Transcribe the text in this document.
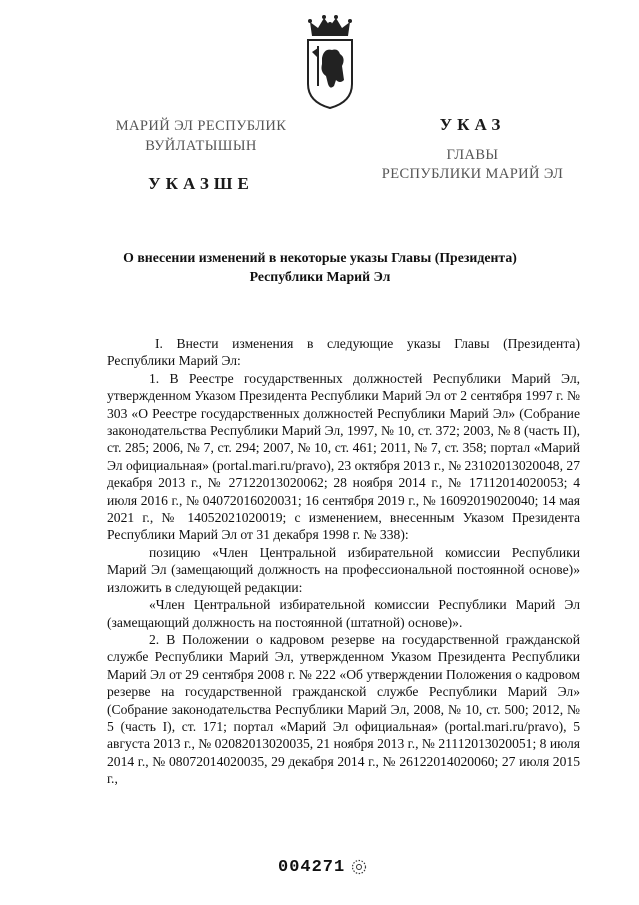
МАРИЙ ЭЛ РЕСПУБЛИК
ВУЙЛАТЫШЫН
УКАЗШЕ
УКАЗ
ГЛАВЫ
РЕСПУБЛИКИ МАРИЙ ЭЛ
О внесении изменений в некоторые указы Главы (Президента)
Республики Марий Эл

I. Внести изменения в следующие указы Главы (Президента) Республики Марий Эл:

1. В Реестре государственных должностей Республики Марий Эл, утвержденном Указом Президента Республики Марий Эл от 2 сентября 1997 г. № 303 «О Реестре государственных должностей Республики Марий Эл» (Собрание законодательства Республики Марий Эл, 1997, № 10, ст. 372; 2003, № 8 (часть II), ст. 285; 2006, № 7, ст. 294; 2007, № 10, ст. 461; 2011, № 7, ст. 358; портал «Марий Эл официальная» (portal.mari.ru/pravo), 23 октября 2013 г., № 23102013020048, 27 декабря 2013 г., № 27122013020062; 28 ноября 2014 г., № 17112014020053; 4 июля 2016 г., № 04072016020031; 16 сентября 2019 г., № 16092019020040; 14 мая 2021 г., № 14052021020019; с изменением, внесенным Указом Президента Республики Марий Эл от 31 декабря 1998 г. № 338):

позицию «Член Центральной избирательной комиссии Республики Марий Эл (замещающий должность на профессиональной постоянной основе)» изложить в следующей редакции:

«Член Центральной избирательной комиссии Республики Марий Эл (замещающий должность на постоянной (штатной) основе)».

2. В Положении о кадровом резерве на государственной гражданской службе Республики Марий Эл, утвержденном Указом Президента Республики Марий Эл от 29 сентября 2008 г. № 222 «Об утверждении Положения о кадровом резерве на государственной гражданской службе Республики Марий Эл» (Собрание законодательства Республики Марий Эл, 2008, № 10, ст. 500; 2012, № 5 (часть I), ст. 171; портал «Марий Эл официальная» (portal.mari.ru/pravo), 5 августа 2013 г., № 02082013020035, 21 ноября 2013 г., № 21112013020051; 8 июля 2014 г., № 08072014020035, 29 декабря 2014 г., № 26122014020060; 27 июля 2015 г.,

004271
